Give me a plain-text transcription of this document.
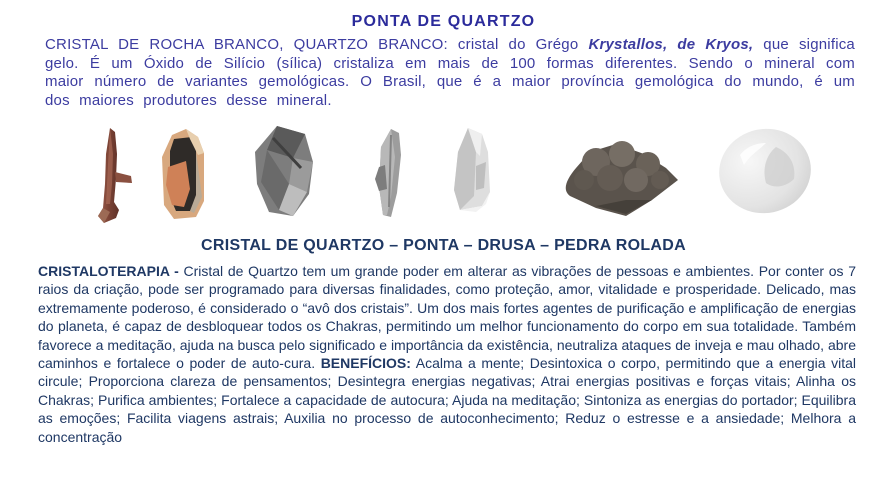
PONTA DE QUARTZO

CRISTAL DE ROCHA BRANCO, QUARTZO BRANCO: cristal do Grégo Krystallos, de Kryos, que significa gelo. É um Óxido de Silício (sílica) cristaliza em mais de 100 formas diferentes. Sendo o mineral com maior número de variantes gemológicas. O Brasil, que é a maior província gemológica do mundo, é um dos maiores produtores desse mineral.

CRISTAL DE QUARTZO – PONTA – DRUSA – PEDRA ROLADA

CRISTALOTERAPIA - Cristal de Quartzo tem um grande poder em alterar as vibrações de pessoas e ambientes. Por conter os 7 raios da criação, pode ser programado para diversas finalidades, como proteção, amor, vitalidade e prosperidade. Delicado, mas extremamente poderoso, é considerado o “avô dos cristais”. Um dos mais fortes agentes de purificação e amplificação de energias do planeta, é capaz de desbloquear todos os Chakras, permitindo um melhor funcionamento do corpo em sua totalidade. Também favorece a meditação, ajuda na busca pelo significado e importância da existência, neutraliza ataques de inveja e mau olhado, abre caminhos e fortalece o poder de auto-cura. BENEFÍCIOS: Acalma a mente; Desintoxica o corpo, permitindo que a energia vital circule; Proporciona clareza de pensamentos; Desintegra energias negativas; Atrai energias positivas e forças vitais; Alinha os Chakras; Purifica ambientes; Fortalece a capacidade de autocura; Ajuda na meditação; Sintoniza as energias do portador; Equilibra as emoções; Facilita viagens astrais; Auxilia no processo de autoconhecimento; Reduz o estresse e a ansiedade; Melhora a concentração
